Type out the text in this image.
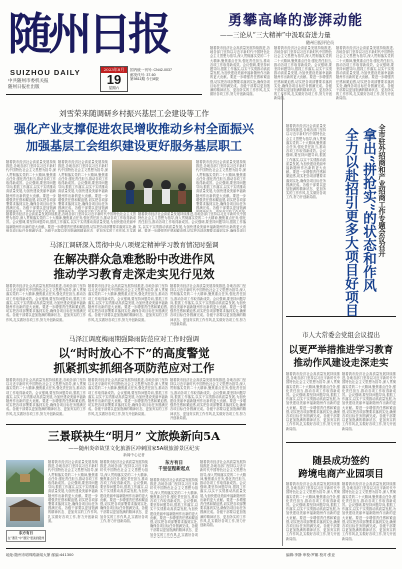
随州日报
SUIZHOU DAILY
中共随州市委机关报
随州日报社出版
2023年8月
19
星期六
国内统一刊号: CN42-0037
邮发代号: 37-60
第9811期 今日8版
勇攀高峰的澎湃动能
——三论从“三大精神”中汲取奋进力量
随州日报评论员
随着我市经济社会高质量发展持续推进,各地各部门坚持以习近平新时代中国特色社会主义思想为指导,深入贯彻落实党的二十大精神,聚焦重点任务,强化责任担当,推动各项工作取得新成效。会议强调,要坚持问题导向,狠抓工作落实,以实干实绩推动高质量发展,为加快建设美丽幸福新随州作出新的更大贡献。要进一步增强责任感和紧迫感,切实把各项部署要求落到实处,确保各项目标任务圆满完成。各级干部要以更加饱满的精神状态、更加务实的工作作风,扎实做好各项工作,努力开创新局面。
随着我市经济社会高质量发展持续推进,各地各部门坚持以习近平新时代中国特色社会主义思想为指导,深入贯彻落实党的二十大精神,聚焦重点任务,强化责任担当,推动各项工作取得新成效。会议强调,要坚持问题导向,狠抓工作落实,以实干实绩推动高质量发展,为加快建设美丽幸福新随州作出新的更大贡献。要进一步增强责任感和紧迫感,切实把各项部署要求落到实处,确保各项目标任务圆满完成。各级干部要以更加饱满的精神状态、更加务实的工作作风,扎实做好各项工作,努力开创新局面。
随着我市经济社会高质量发展持续推进,各地各部门坚持以习近平新时代中国特色社会主义思想为指导,深入贯彻落实党的二十大精神,聚焦重点任务,强化责任担当,推动各项工作取得新成效。会议强调,要坚持问题导向,狠抓工作落实,以实干实绩推动高质量发展,为加快建设美丽幸福新随州作出新的更大贡献。要进一步增强责任感和紧迫感,切实把各项部署要求落到实处,确保各项目标任务圆满完成。各级干部要以更加饱满的精神状态、更加务实的工作作风,扎实做好各项工作,努力开创新局面。
刘雪荣来随调研乡村振兴基层工会建设等工作
强化产业支撑促进农民增收推动乡村全面振兴
加强基层工会组织建设更好服务基层职工
随着我市经济社会高质量发展持续推进,各地各部门坚持以习近平新时代中国特色社会主义思想为指导,深入贯彻落实党的二十大精神,聚焦重点任务,强化责任担当,推动各项工作取得新成效。会议强调,要坚持问题导向,狠抓工作落实,以实干实绩推动高质量发展,为加快建设美丽幸福新随州作出新的更大贡献。要进一步增强责任感和紧迫感,切实把各项部署要求落到实处,确保各项目标任务圆满完成。各级干部要以更加饱满
随着我市经济社会高质量发展持续推进,各地各部门坚持以习近平新时代中国特色社会主义思想为指导,深入贯彻落实党的二十大精神,聚焦重点任务,强化责任担当,推动各项工作取得新成效。会议强调,要坚持问题导向,狠抓工作落实,以实干实绩推动高质量发展,为加快建设美丽幸福新随州作出新的更大贡献。要进一步增强责任感和紧迫感,切实把各项部署要求落到实处,确保各项目标任务圆满完成。各级干部要以更加饱满
随着我市经济社会高质量发展持续推进,各地各部门坚持以习近平新时代中国特色社会主义思想为指导,深入贯彻落实党的二十大精神,聚焦重点任务,强化责任担当,推动各项工作取得新成效。会议强调,要坚持问题导向,狠抓工作落实,以实干实绩推动高质量发展,为加快建设美丽幸福新随州作出新的更大贡献。要进一步增强责任感和紧迫感,切实把各项部署要求落到实处,确保各项目标任务圆满完成。各级干部要以更加饱满
随着我市经济社会高质量发展持续推进,各地各部门坚持以习近平新时代中国特色社会主义思想为指导,深入贯彻落实党的二十大精神,聚焦重点任务,强化责任担当,推动各项工作取得新成效。会议强调,要坚持问题导向,狠抓工作落实,以实干实绩推动高质量发展,为加快建设美丽幸福新随州作出新的更大贡献。要进一步增强责任感和紧迫感,切实把各项部署要求落到实处,确保各项目标任务圆满完成。各级干部要以更加饱满的精神状态、更加务实的工作作风,扎实做
随着我市经济社会高质量发展持续推进,各地各部门坚持以习近平新时代中国特色社会主义思想为指导,深入贯彻落实党的二十大精神,聚焦重点任务,强化责任担当,推动各项工作取得新成效。会议强调,要坚持问题导向,狠抓工作落实,以实干实绩推动高质量发展,为加快建设美丽幸福新随州作出新的更大贡献。要进一步增强责任感和紧迫感,切实把各项部署要求落到实处,确保各项目
马泽江调研深入贯彻中央八项规定精神学习教育情况时强调
在解决群众急难愁盼中改进作风
推动学习教育走深走实见行见效
随着我市经济社会高质量发展持续推进,各地各部门坚持以习近平新时代中国特色社会主义思想为指导,深入贯彻落实党的二十大精神,聚焦重点任务,强化责任担当,推动各项工作取得新成效。会议强调,要坚持问题导向,狠抓工作落实,以实干实绩推动高质量发展,为加快建设美丽幸福新随州作出新的更大贡献。要进一步增强责任感和紧迫感,切实把各项部署要求落到实处,确保各项目标任务圆满完成。各级干部要以更加饱满的精神状态、更加务实的工作作风,扎实做好各项工作,努力开创新局面。
随着我市经济社会高质量发展持续推进,各地各部门坚持以习近平新时代中国特色社会主义思想为指导,深入贯彻落实党的二十大精神,聚焦重点任务,强化责任担当,推动各项工作取得新成效。会议强调,要坚持问题导向,狠抓工作落实,以实干实绩推动高质量发展,为加快建设美丽幸福新随州作出新的更大贡献。要进一步增强责任感和紧迫感,切实把各项部署要求落到实处,确保各项目标任务圆满完成。各级干部要以更加饱满的精神状态、更加务实的工作作风,扎实做好各项工作,努力开创新局面。
随着我市经济社会高质量发展持续推进,各地各部门坚持以习近平新时代中国特色社会主义思想为指导,深入贯彻落实党的二十大精神,聚焦重点任务,强化责任担当,推动各项工作取得新成效。会议强调,要坚持问题导向,狠抓工作落实,以实干实绩推动高质量发展,为加快建设美丽幸福新随州作出新的更大贡献。要进一步增强责任感和紧迫感,切实把各项部署要求落到实处,确保各项目标任务圆满完成。各级干部要以更加饱满的精神状态、更加务实的工作作风,扎实做好各项工作,努力开创新局面。
马泽江调度梅雨期强降雨防范应对工作时强调
以“时时放心不下”的高度警觉
抓紧抓实抓细各项防范应对工作
随着我市经济社会高质量发展持续推进,各地各部门坚持以习近平新时代中国特色社会主义思想为指导,深入贯彻落实党的二十大精神,聚焦重点任务,强化责任担当,推动各项工作取得新成效。会议强调,要坚持问题导向,狠抓工作落实,以实干实绩推动高质量发展,为加快建设美丽幸福新随州作出新的更大贡献。要进一步增强责任感和紧迫感,切实把各项部署要求落到实处,确保各项目标任务圆满完成。各级干部要以更加饱满的精神状态、更加务实的工作作风,扎实做好各项工作,努力开创新局面。
随着我市经济社会高质量发展持续推进,各地各部门坚持以习近平新时代中国特色社会主义思想为指导,深入贯彻落实党的二十大精神,聚焦重点任务,强化责任担当,推动各项工作取得新成效。会议强调,要坚持问题导向,狠抓工作落实,以实干实绩推动高质量发展,为加快建设美丽幸福新随州作出新的更大贡献。要进一步增强责任感和紧迫感,切实把各项部署要求落到实处,确保各项目标任务圆满完成。各级干部要以更加饱满的精神状态、更加务实的工作作风,扎实做好各项工作,努力开创新局面。
随着我市经济社会高质量发展持续推进,各地各部门坚持以习近平新时代中国特色社会主义思想为指导,深入贯彻落实党的二十大精神,聚焦重点任务,强化责任担当,推动各项工作取得新成效。会议强调,要坚持问题导向,狠抓工作落实,以实干实绩推动高质量发展,为加快建设美丽幸福新随州作出新的更大贡献。要进一步增强责任感和紧迫感,切实把各项部署要求落到实处,确保各项目标任务圆满完成。各级干部要以更加饱满的精神状态、更加务实的工作作风,扎实做好各项工作,努力开创新局面。
三景联袂生“明月” 文旅焕新向5A
——随州炎帝故里文化旅游区冲刺国家5A级旅游景区纪实
新闻中心记者
随着我市经济社会高质量发展持续推进,各地各部门坚持以习近平新时代中国特色社会主义思想为指导,深入贯彻落实党的二十大精神,聚焦重点任务,强化责任担当,推动各项工作取得新成效。会议强调,要坚持问题导向,狠抓工作落实,以实干实绩推动高质量发展,为加快建设美丽幸福新随州作出新的更大贡献。要进一步增强责任感和紧迫感,切实把各项部署要求落到实处,确保各项目标任务圆满完成。各级干部要以更加饱满的精神状态、更加务实的工作作风,扎实做好各项工作,努力开创新局面。
随着我市经济社会高质量发展持续推进,各地各部门坚持以习近平新时代中国特色社会主义思想为指导,深入贯彻落实党的二十大精神,聚焦重点任务,强化责任担当,推动各项工作取得新成效。会议强调,要坚持问题导向,狠抓工作落实,以实干实绩推动高质量发展,为加快建设美丽幸福新随州作出新的更大贡献。要进一步增强责任感和紧迫感,切实把各项部署要求落到实处,确保各项目标任务圆满完成。各级干部要以更加饱满的精神状态、更加务实的工作作风,扎实做好各项工作,努力开创新局面。
东方有日
千里征程新起点
随着我市经济社会高质量发展持续推进,各地各部门坚持以习近平新时代中国特色社会主义思想为指导,深入贯彻落实党的二十大精神,聚焦重点任务,强化责任担当,推动各项工作取得新成效。会议强调,要坚持问题导向,狠抓工作落实,以实干实绩推动高质量发展,为加快建设美丽幸福新随州作出新的更大贡献。要进一步增强责任感和紧迫感,切实把各项部署要求落到实处,确保各项目标任务圆满完成。各级干部要以更加饱满的精神状态、更加务实的工作作风,扎实做好各项
随着我市经济社会高质量发展持续推进,各地各部门坚持以习近平新时代中国特色社会主义思想为指导,深入贯彻落实党的二十大精神,聚焦重点任务,强化责任担当,推动各项工作取得新成效。会议强调,要坚持问题导向,狠抓工作落实,以实干实绩推动高质量发展,为加快建设美丽幸福新随州作出新的更大贡献。要进一步增强责任感和紧迫感,切实把各项部署要求落到实处,确保各项目标任务圆满完成。各级干部要以更加饱满的精神状态、更加务实的工作作风,扎实做好各项工作,努力开创新局面。
东方有日
在“遇见”中“遇见”更美的随州
随着我市经济社会高质量发展持续推进,各地各部门坚持以习近平新时代中国特色社会主义思想为指导,深入贯彻落实党的二十大精神,聚焦重点任务,强化责任担当,推动各项工作取得新成效。会议强调,要坚持问题导向,狠抓工作落实,以实干实绩推动高质量发展,为加快建设美丽幸福新随州作出新的更大贡献。要进一步增强责任感和紧迫感,切实把各项部署要求落到实处,确保各项目标任务圆满完成。各级干部要以更加饱满的精神状态、更加务实的工作作风,扎实做好各项工作,努力开创新局面。	全市驻外招商和产业招商工作专题会议召开
拿出“拼抢实”的状态和作风
全力以赴招引更多大项目好项目
市人大常委会党组会议提出
以更严举措推进学习教育
推动作风建设走深走实
随着我市经济社会高质量发展持续推进,各地各部门坚持以习近平新时代中国特色社会主义思想为指导,深入贯彻落实党的二十大精神,聚焦重点任务,强化责任担当,推动各项工作取得新成效。会议强调,要坚持问题导向,狠抓工作落实,以实干实绩推动高质量发展,为加快建设美丽幸福新随州作出新的更大贡献。要进一步增强责任感和紧迫感,切实把各项部署要求落到实处,确保各项目标任务圆满完成。各级干部要以更加饱满的精神状态、更加务实的工作作风,扎实做好各项工作,努力开创新局面。
随着我市经济社会高质量发展持续推进,各地各部门坚持以习近平新时代中国特色社会主义思想为指导,深入贯彻落实党的二十大精神,聚焦重点任务,强化责任担当,推动各项工作取得新成效。会议强调,要坚持问题导向,狠抓工作落实,以实干实绩推动高质量发展,为加快建设美丽幸福新随州作出新的更大贡献。要进一步增强责任感和紧迫感,切实把各项部署要求落到实处,确保各项目标任务圆满完成。各级干部要以更加饱满的精神状态、更加务实的工作作风,扎实做好各项工作,努力开创新局面。
随县成功签约
跨境电商产业园项目
随着我市经济社会高质量发展持续推进,各地各部门坚持以习近平新时代中国特色社会主义思想为指导,深入贯彻落实党的二十大精神,聚焦重点任务,强化责任担当,推动各项工作取得新成效。会议强调,要坚持问题导向,狠抓工作落实,以实干实绩推动高质量发展,为加快建设美丽幸福新随州作出新的更大贡献。要进一步增强责任感和紧迫感,切实把各项部署要求落到实处,确保各项目标任务圆满完成。各级干部要以更加饱满的精神状态、更加务实的工作作风,扎实做好各项工作,努力开创新局面。
随着我市经济社会高质量发展持续推进,各地各部门坚持以习近平新时代中国特色社会主义思想为指导,深入贯彻落实党的二十大精神,聚焦重点任务,强化责任担当,推动各项工作取得新成效。会议强调,要坚持问题导向,狠抓工作落实,以实干实绩推动高质量发展,为加快建设美丽幸福新随州作出新的更大贡献。要进一步增强责任感和紧迫感,切实把各项部署要求落到实处,确保各项目标任务圆满完成。各级干部要以更加饱满的精神状态、更加务实的工作作风,扎实做好各项工作,努力开创新局面。
地址:随州市明珠路新闻大厦 邮编:441300	编辑:李静 审校:罗娜 校对:张亚
